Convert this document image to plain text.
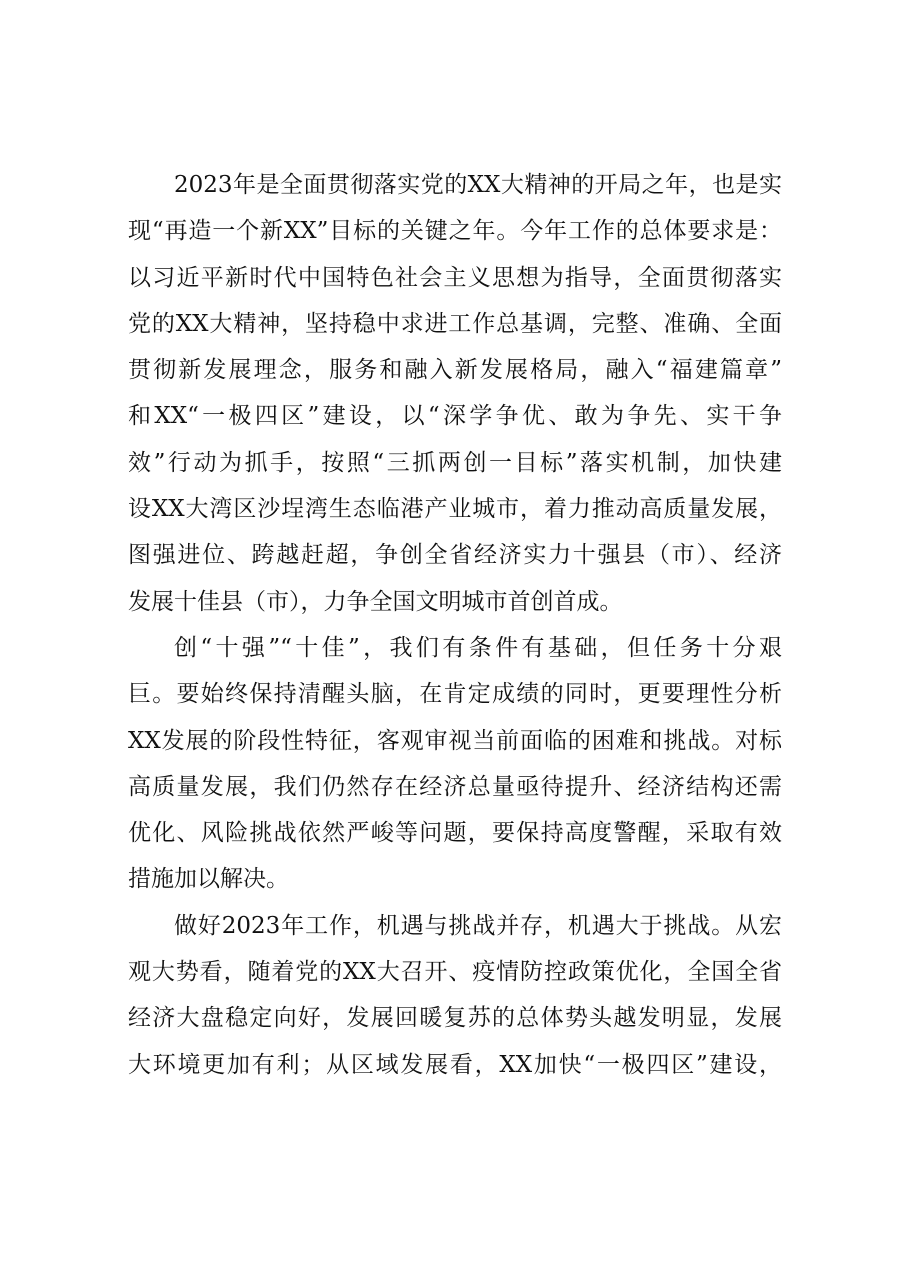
2023年是全面贯彻落实党的XX大精神的开局之年，也是实
现“再造一个新XX”目标的关键之年。今年工作的总体要求是：
以习近平新时代中国特色社会主义思想为指导，全面贯彻落实
党的XX大精神，坚持稳中求进工作总基调，完整、准确、全面
贯彻新发展理念，服务和融入新发展格局，融入“福建篇章”
和XX“一极四区”建设，以“深学争优、敢为争先、实干争
效”行动为抓手，按照“三抓两创一目标”落实机制，加快建
设XX大湾区沙埕湾生态临港产业城市，着力推动高质量发展，
图强进位、跨越赶超，争创全省经济实力十强县（市）、经济
发展十佳县（市），力争全国文明城市首创首成。
创“十强”“十佳”，我们有条件有基础，但任务十分艰
巨。要始终保持清醒头脑，在肯定成绩的同时，更要理性分析
XX发展的阶段性特征，客观审视当前面临的困难和挑战。对标
高质量发展，我们仍然存在经济总量亟待提升、经济结构还需
优化、风险挑战依然严峻等问题，要保持高度警醒，采取有效
措施加以解决。
做好2023年工作，机遇与挑战并存，机遇大于挑战。从宏
观大势看，随着党的XX大召开、疫情防控政策优化，全国全省
经济大盘稳定向好，发展回暖复苏的总体势头越发明显，发展
大环境更加有利；从区域发展看，XX加快“一极四区”建设，
